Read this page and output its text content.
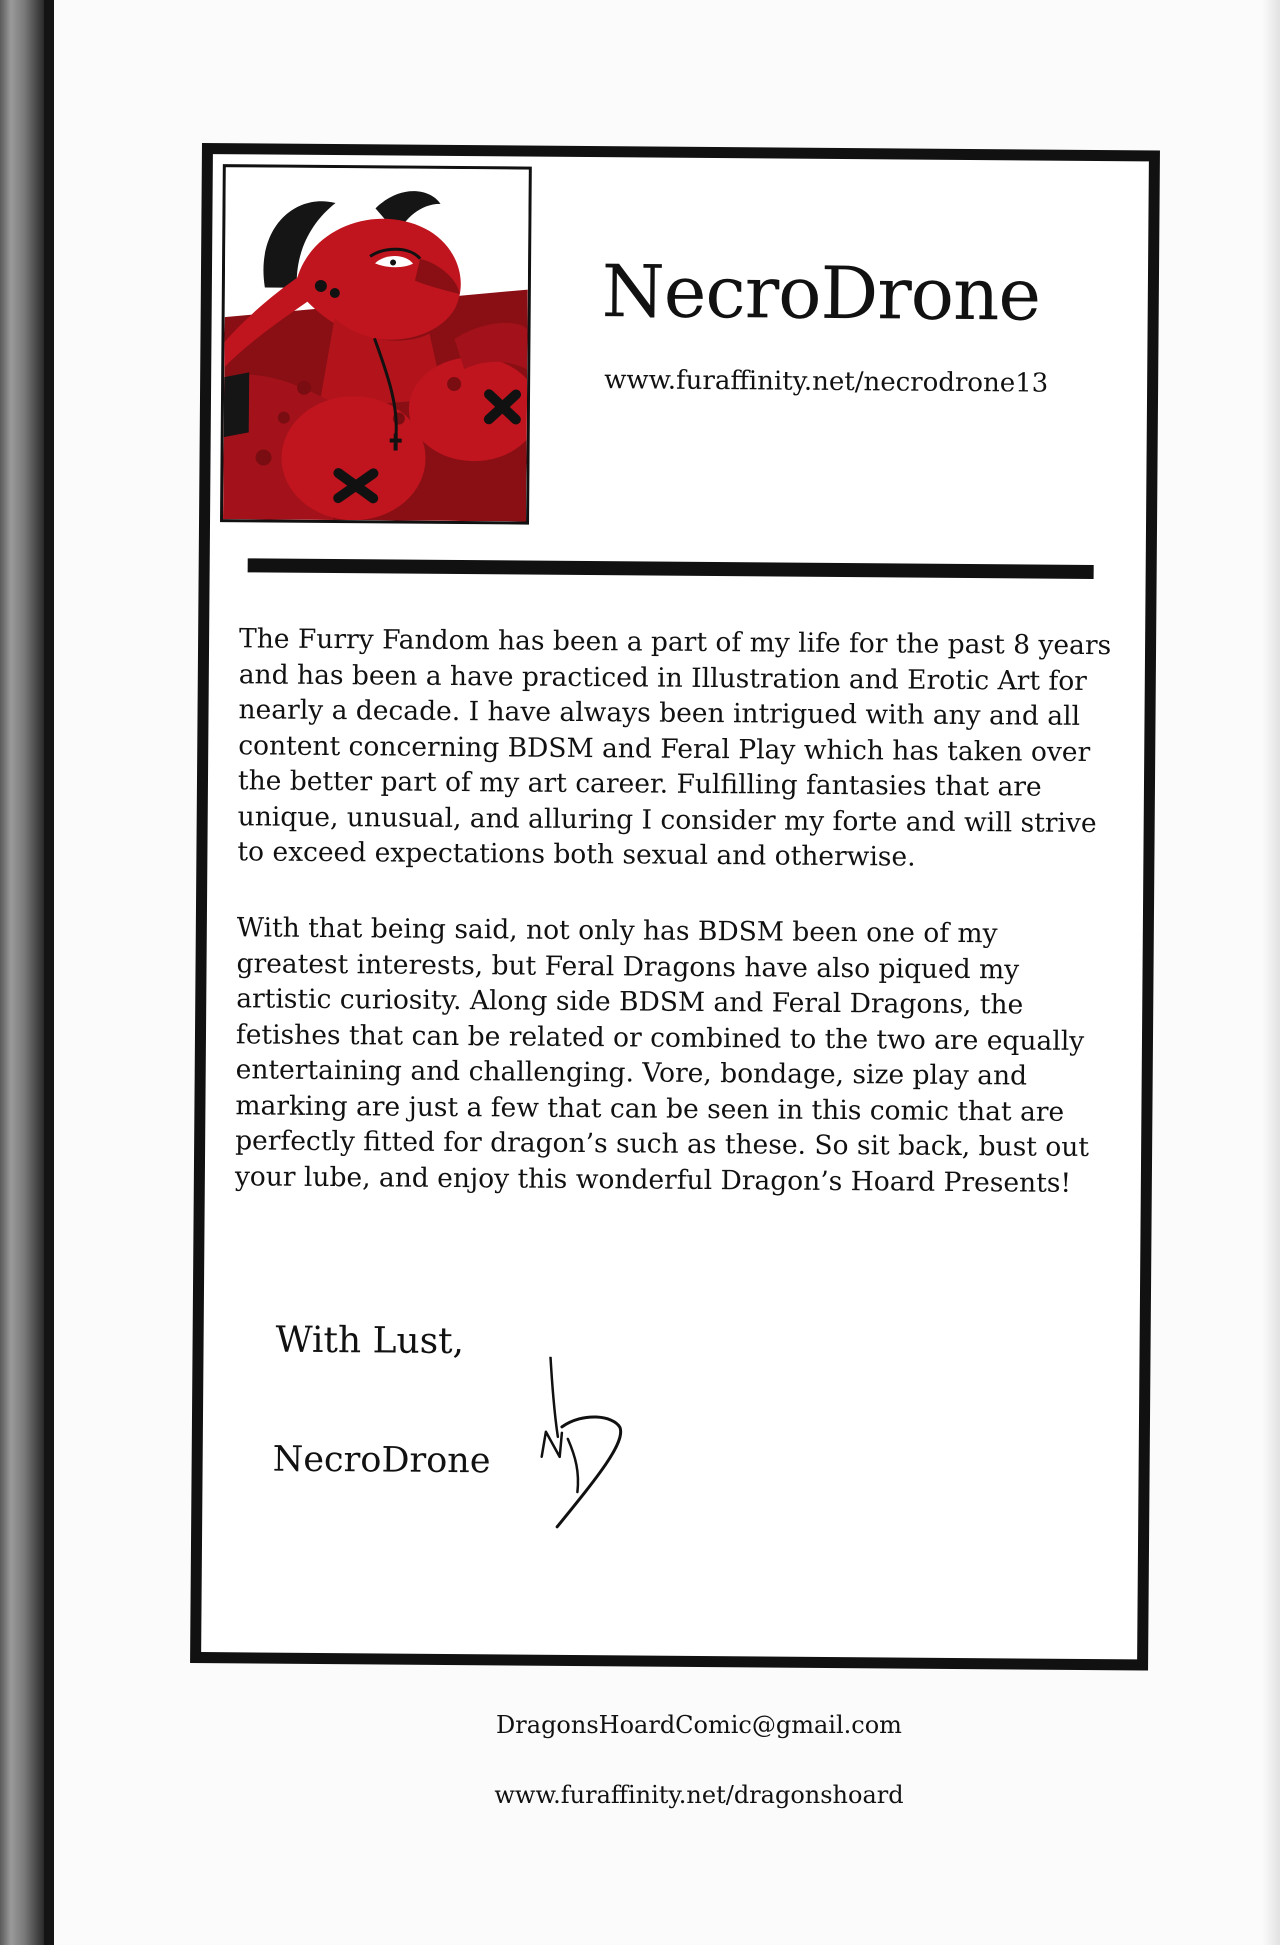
NecroDrone
www.furaffinity.net/necrodrone13

The Furry Fandom has been a part of my life for the past 8 years and has been a have practiced in Illustration and Erotic Art for nearly a decade. I have always been intrigued with any and all content concerning BDSM and Feral Play which has taken over the better part of my art career. Fulfilling fantasies that are unique, unusual, and alluring I consider my forte and will strive to exceed expectations both sexual and otherwise.

With that being said, not only has BDSM been one of my greatest interests, but Feral Dragons have also piqued my artistic curiosity. Along side BDSM and Feral Dragons, the fetishes that can be related or combined to the two are equally entertaining and challenging. Vore, bondage, size play and marking are just a few that can be seen in this comic that are perfectly fitted for dragon’s such as these. So sit back, bust out your lube, and enjoy this wonderful Dragon’s Hoard Presents!

With Lust,
NecroDrone
DragonsHoardComic@gmail.com
www.furaffinity.net/dragonshoard
